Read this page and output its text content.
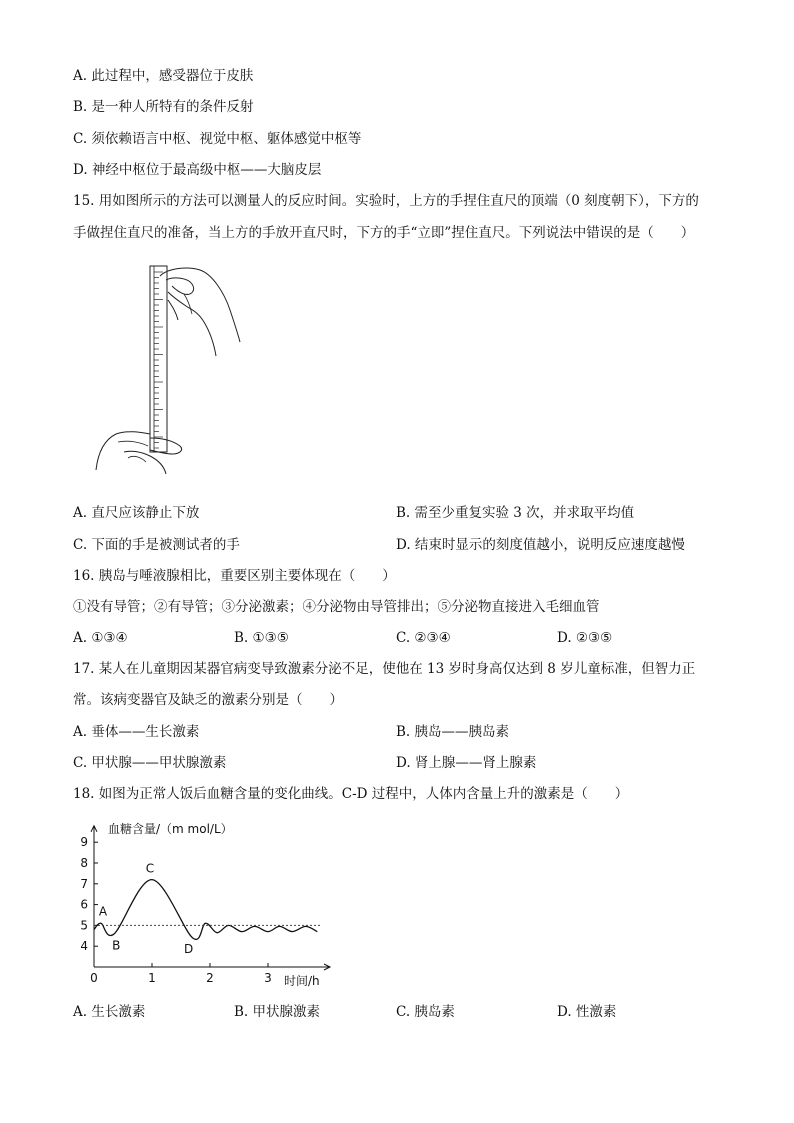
A. 此过程中，感受器位于皮肤
B. 是一种人所特有的条件反射
C. 须依赖语言中枢、视觉中枢、躯体感觉中枢等
D. 神经中枢位于最高级中枢——大脑皮层
15. 用如图所示的方法可以测量人的反应时间。实验时，上方的手捏住直尺的顶端（0 刻度朝下），下方的
手做捏住直尺的准备，当上方的手放开直尺时，下方的手“立即”捏住直尺。下列说法中错误的是（　　）
A. 直尺应该静止下放	B. 需至少重复实验 3 次，并求取平均值
C. 下面的手是被测试者的手	D. 结束时显示的刻度值越小，说明反应速度越慢
16. 胰岛与唾液腺相比，重要区别主要体现在（　　）
①没有导管；②有导管；③分泌激素；④分泌物由导管排出；⑤分泌物直接进入毛细血管
A. ①③④	B. ①③⑤	C. ②③④	D. ②③⑤
17. 某人在儿童期因某器官病变导致激素分泌不足，使他在 13 岁时身高仅达到 8 岁儿童标准，但智力正
常。该病变器官及缺乏的激素分别是（　　）
A. 垂体——生长激素	B. 胰岛——胰岛素
C. 甲状腺——甲状腺激素	D. 肾上腺——肾上腺素
18. 如图为正常人饭后血糖含量的变化曲线。C-D 过程中，人体内含量上升的激素是（　　）
4
5
6
7
8
9
0	1	2	3
A
B
C
D
血糖含量/（m mol/L）
时间/h
A. 生长激素	B. 甲状腺激素	C. 胰岛素	D. 性激素
